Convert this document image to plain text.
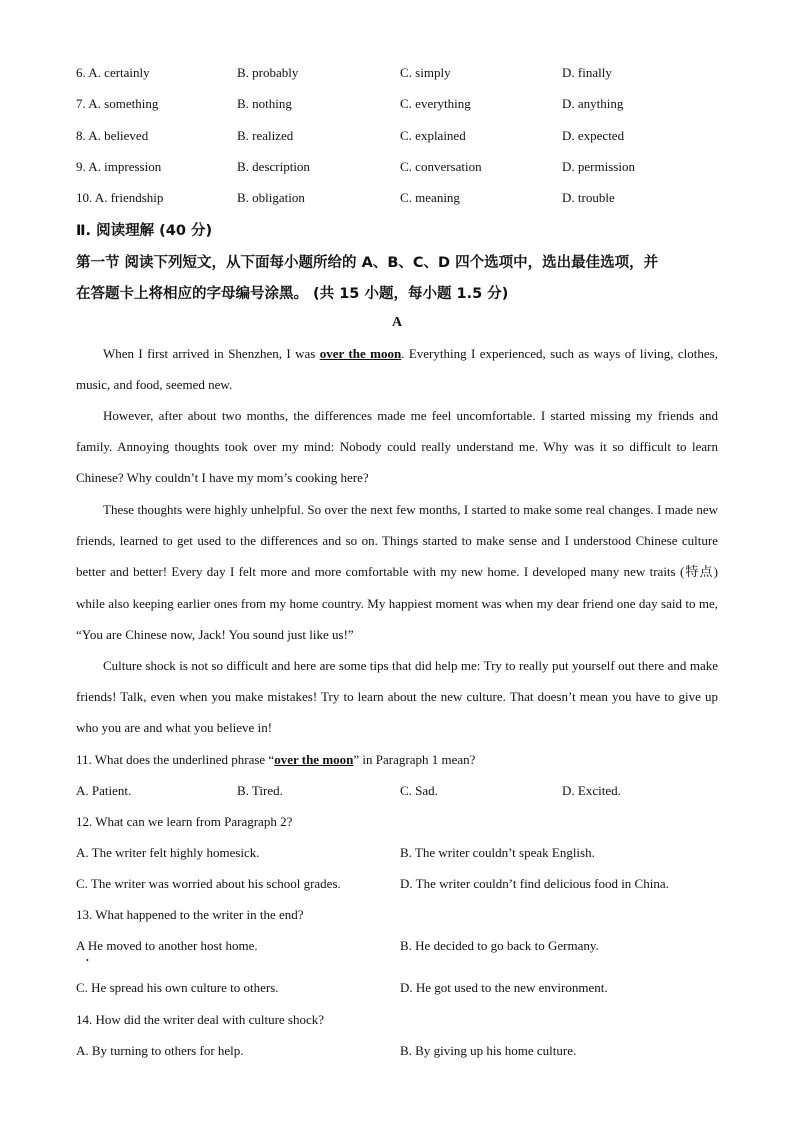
6. A. certainly	B. probably	C. simply	D. finally
7. A. something	B. nothing	C. everything	D. anything
8. A. believed	B. realized	C. explained	D. expected
9. A. impression	B. description	C. conversation	D. permission
10. A. friendship	B. obligation	C. meaning	D. trouble
Ⅱ. 阅读理解 (40 分)
第一节 阅读下列短文，从下面每小题所给的 A、B、C、D 四个选项中，选出最佳选项，并
在答题卡上将相应的字母编号涂黑。 (共 15 小题，每小题 1.5 分)
A

When I first arrived in Shenzhen, I was over the moon. Everything I experienced, such as ways of living, clothes, music, and food, seemed new.

However, after about two months, the differences made me feel uncomfortable. I started missing my friends and family. Annoying thoughts took over my mind: Nobody could really understand me. Why was it so difficult to learn Chinese? Why couldn’t I have my mom’s cooking here?

These thoughts were highly unhelpful. So over the next few months, I started to make some real changes. I made new friends, learned to get used to the differences and so on. Things started to make sense and I understood Chinese culture better and better! Every day I felt more and more comfortable with my new home. I developed many new traits (特点) while also keeping earlier ones from my home country. My happiest moment was when my dear friend one day said to me, “You are Chinese now, Jack! You sound just like us!”

Culture shock is not so difficult and here are some tips that did help me: Try to really put yourself out there and make friends! Talk, even when you make mistakes! Try to learn about the new culture. That doesn’t mean you have to give up who you are and what you believe in!

11. What does the underlined phrase “over the moon” in Paragraph 1 mean?
A. Patient.	B. Tired.	C. Sad.	D. Excited.
12. What can we learn from Paragraph 2?
A. The writer felt highly homesick.	B. The writer couldn’t speak English.
C. The writer was worried about his school grades.	D. The writer couldn’t find delicious food in China.
13. What happened to the writer in the end?
A He moved to another host home.	B. He decided to go back to Germany.
•
C. He spread his own culture to others.	D. He got used to the new environment.
14. How did the writer deal with culture shock?
A. By turning to others for help.	B. By giving up his home culture.
